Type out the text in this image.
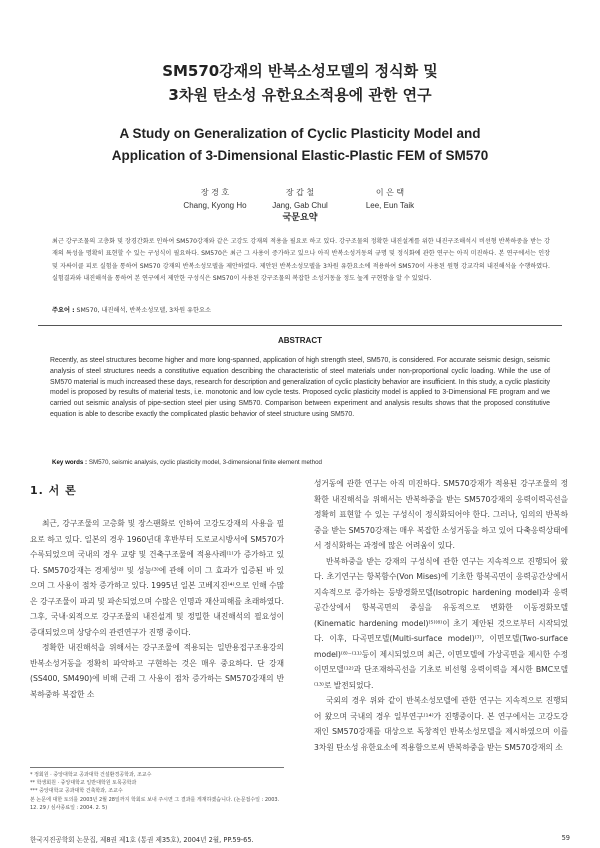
SM570강재의 반복소성모델의 정식화 및
3차원 탄소성 유한요소적용에 관한 연구
A Study on Generalization of Cyclic Plasticity Model and
Application of 3-Dimensional Elastic-Plastic FEM of SM570
장 경 호
Chang, Kyong Ho
장 갑 철
Jang, Gab Chul
이 은 택
Lee, Eun Taik
국문요약
최근 강구조물의 고층화 및 장경간화로 인하여 SM570강재와 같은 고강도 강재의 적용을 필요로 하고 있다. 강구조물의 정확한 내진설계를 위한 내진구조해석시 비선형 반복하중을 받는 강재의 특성을 명확히 표현할 수 있는 구성식이 필요하다. SM570은 최근 그 사용이 증가하고 있으나 아직 반복소성거동의 규명 및 정식화에 관한 연구는 아직 미진하다. 본 연구에서는 인장 및 자싸이클 피로 실험을 통하여 SM570 강재의 반복소성모델을 제안하였다. 제안된 반복소성모델을 3차원 유한요소에 적용하여 SM570이 사용된 원형 강교각의 내진해석을 수행하였다. 실험결과와 내진해석을 통하여 본 연구에서 제안한 구성식은 SM570이 사용된 강구조물의 복잡한 소성거동을 정도 높게 구현함을 알 수 있었다.
주요어 : SM570, 내진해석, 반복소성모델, 3차원 유한요소
ABSTRACT
Recently, as steel structures become higher and more long-spanned, application of high strength steel, SM570, is considered. For accurate seismic design, seismic analysis of steel structures needs a constitutive equation describing the characteristic of steel materials under non-proportional cyclic loading. While the use of SM570 material is much increased these days, research for description and generalization of cyclic plasticity behavior are insufficient. In this study, a cyclic plasticity model is proposed by results of material tests, i.e. monotonic and low cycle tests. Proposed cyclic plasticity model is applied to 3-Dimensional FE program and we carried out seismic analysis of pipe-section steel pier using SM570. Comparison between experiment and analysis results shows that the proposed constitutive equation is able to describe exactly the complicated plastic behavior of steel structure using SM570.
Key words : SM570, seismic analysis, cyclic plasticity model, 3-dimensional finite element method
1. 서 론

최근, 강구조물의 고층화 및 장스팬화로 인하여 고강도강재의 사용을 필요로 하고 있다. 일본의 경우 1960년대 후반부터 도로교시방서에 SM570가 수록되었으며 국내의 경우 교량 및 건축구조물에 적용사례⁽¹⁾가 증가하고 있다. SM570강재는 경제성⁽²⁾ 및 성능⁽³⁾에 관해 이미 그 효과가 입증된 바 있으며 그 사용이 점차 증가하고 있다. 1995년 일본 고베지진⁽⁴⁾으로 인해 수많은 강구조물이 파괴 및 파손되었으며 수많은 인명과 재산피해를 초래하였다. 그후, 국내·외적으로 강구조물의 내진설계 및 정밀한 내진해석의 필요성이 증대되었으며 상당수의 관련연구가 진행 중이다.

정확한 내진해석을 위해서는 강구조물에 적용되는 일반용접구조용강의 반복소성거동을 정확히 파악하고 구현하는 것은 매우 중요하다. 단 강재(SS400, SM490)에 비해 근래 그 사용이 점차 증가하는 SM570강재의 반복하중하 복잡한 소

성거동에 관한 연구는 아직 미진하다. SM570강재가 적용된 강구조물의 정확한 내진해석을 위해서는 반복하중을 받는 SM570강재의 응력이력곡선을 정확히 표현할 수 있는 구성식이 정식화되어야 한다. 그러나, 임의의 반복하중을 받는 SM570강재는 매우 복잡한 소성거동을 하고 있어 다축응력상태에서 정식화하는 과정에 많은 어려움이 있다.

반복하중을 받는 강재의 구성식에 관한 연구는 지속적으로 진행되어 왔다. 초기연구는 항복함수(Von Mises)에 기초한 항복곡면이 응력공간상에서 지속적으로 증가하는 등방경화모델(Isotropic hardening model)과 응력공간상에서 항복곡면의 중심을 유동적으로 변화한 이동경화모델(Kinematic hardening model)⁽⁵⁾⁽⁶⁾이 초기 제안된 것으로부터 시작되었다. 이후, 다곡면모델(Multi-surface model)⁽⁷⁾, 이면모델(Two-surface model)⁽⁸⁾⁻⁽¹¹⁾등이 제시되었으며 최근, 이면모델에 가상곡면을 제시한 수정이면모델⁽¹²⁾과 단조재하곡선을 기초로 비선형 응력이력을 제시한 BMC모델⁽¹³⁾로 발전되었다.

국외의 경우 위와 같이 반복소성모델에 관한 연구는 지속적으로 진행되어 왔으며 국내의 경우 일부연구⁽¹⁴⁾가 진행중이다. 본 연구에서는 고강도강재인 SM570강재를 대상으로 독창적인 반복소성모델을 제시하였으며 이를 3차원 탄소성 유한요소에 적용함으로써 반복하중을 받는 SM570강재의 소

* 정회원 · 중앙대학교 공과대학 건설환경공학과, 조교수
** 학생회원 · 중앙대학교 일반대학원 토목공학과
*** 중앙대학교 공과대학 건축학과, 조교수
본 논문에 대한 토의를 2003년 2월 28일까지 학회로 보내 주시면 그 결과를 게재하겠습니다. (논문접수일 : 2003. 12. 29 / 심사종료일 : 2004. 2. 5)
한국지진공학회 논문집, 제8권 제1호 (통권 제35호), 2004년 2월, PP.59-65.	59
